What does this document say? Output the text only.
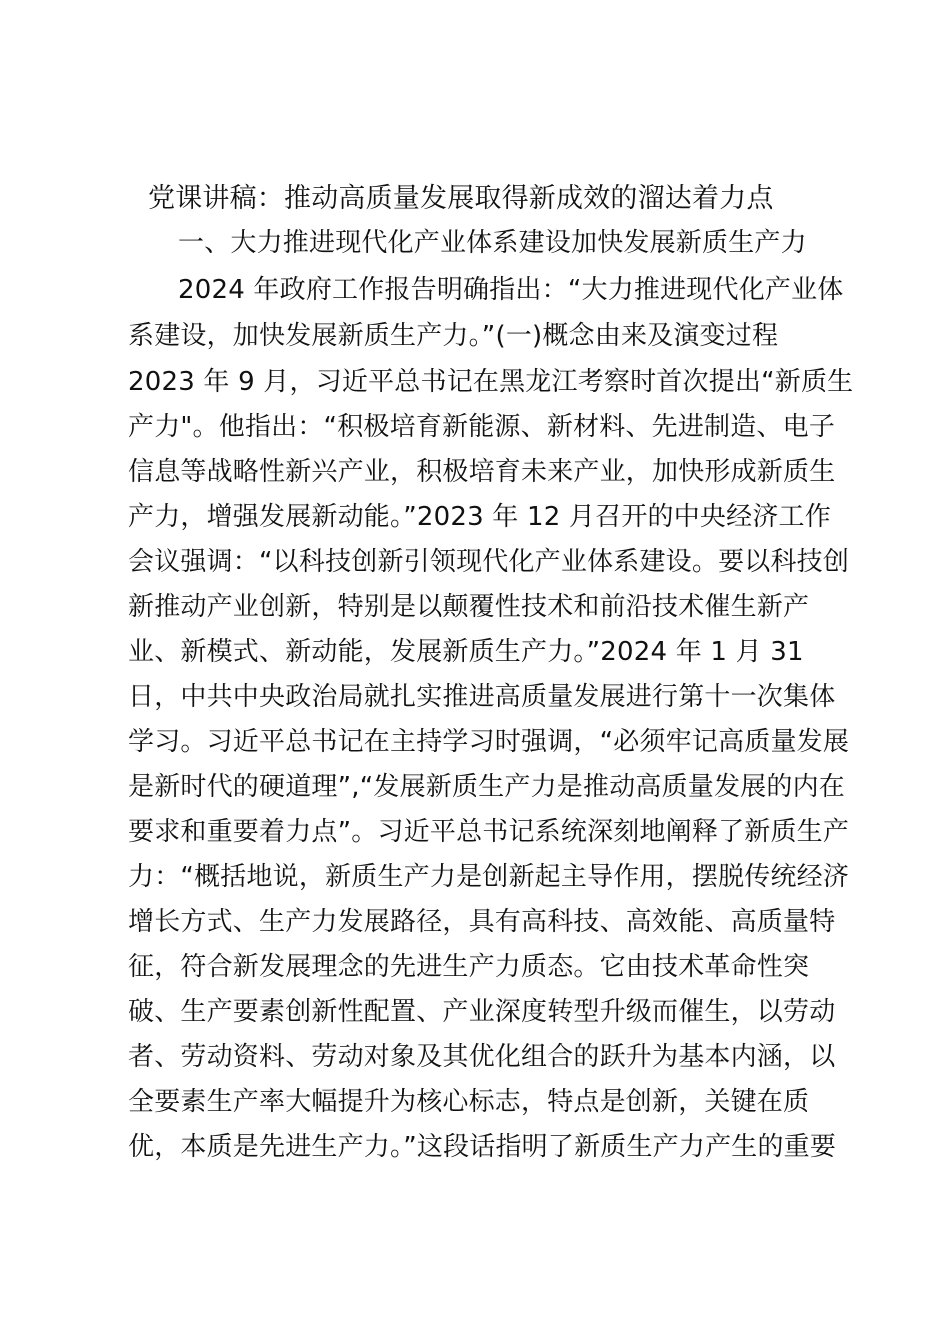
党课讲稿：推动高质量发展取得新成效的溜达着力点
一、大力推进现代化产业体系建设加快发展新质生产力
2024 年政府工作报告明确指出：“大力推进现代化产业体
系建设，加快发展新质生产力。”(一)概念由来及演变过程
2023 年 9 月，习近平总书记在黑龙江考察时首次提出“新质生
产力"。他指出：“积极培育新能源、新材料、先进制造、电子
信息等战略性新兴产业，积极培育未来产业，加快形成新质生
产力，增强发展新动能。”2023 年 12 月召开的中央经济工作
会议强调：“以科技创新引领现代化产业体系建设。要以科技创
新推动产业创新，特别是以颠覆性技术和前沿技术催生新产
业、新模式、新动能，发展新质生产力。”2024 年 1 月 31
日，中共中央政治局就扎实推进高质量发展进行第十一次集体
学习。习近平总书记在主持学习时强调，“必须牢记高质量发展
是新时代的硬道理”,“发展新质生产力是推动高质量发展的内在
要求和重要着力点”。习近平总书记系统深刻地阐释了新质生产
力：“概括地说，新质生产力是创新起主导作用，摆脱传统经济
增长方式、生产力发展路径，具有高科技、高效能、高质量特
征，符合新发展理念的先进生产力质态。它由技术革命性突
破、生产要素创新性配置、产业深度转型升级而催生，以劳动
者、劳动资料、劳动对象及其优化组合的跃升为基本内涵，以
全要素生产率大幅提升为核心标志，特点是创新，关键在质
优，本质是先进生产力。”这段话指明了新质生产力产生的重要
